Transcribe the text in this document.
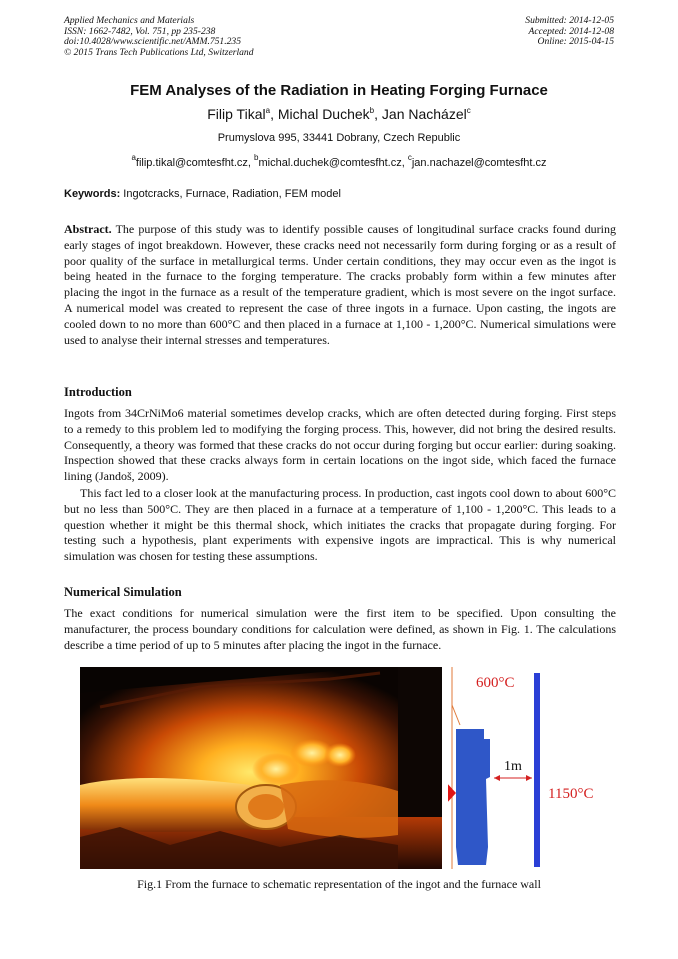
Applied Mechanics and Materials
ISSN: 1662-7482, Vol. 751, pp 235-238
doi:10.4028/www.scientific.net/AMM.751.235
© 2015 Trans Tech Publications Ltd, Switzerland
Submitted: 2014-12-05
Accepted: 2014-12-08
Online: 2015-04-15
FEM Analyses of the Radiation in Heating Forging Furnace
Filip Tikal$^a$, Michal Duchek$^b$, Jan Nacházel$^c$
Prumyslova 995, 33441 Dobrany, Czech Republic
$^a$filip.tikal@comtesfht.cz, $^b$michal.duchek@comtesfht.cz, $^c$jan.nachazel@comtesfht.cz
Keywords: Ingotcracks, Furnace, Radiation, FEM model
Abstract. The purpose of this study was to identify possible causes of longitudinal surface cracks found during early stages of ingot breakdown. However, these cracks need not necessarily form during forging or as a result of poor quality of the surface in metallurgical terms. Under certain conditions, they may occur even as the ingot is being heated in the furnace to the forging temperature. The cracks probably form within a few minutes after placing the ingot in the furnace as a result of the temperature gradient, which is most severe on the ingot surface. A numerical model was created to represent the case of three ingots in a furnace. Upon casting, the ingots are cooled down to no more than 600°C and then placed in a furnace at 1,100 - 1,200°C. Numerical simulations were used to analyse their internal stresses and temperatures.
Introduction
Ingots from 34CrNiMo6 material sometimes develop cracks, which are often detected during forging. First steps to a remedy to this problem led to modifying the forging process. This, however, did not bring the desired results. Consequently, a theory was formed that these cracks do not occur during forging but occur earlier: during soaking. Inspection showed that these cracks always form in certain locations on the ingot side, which faced the furnace lining (Jandoš, 2009).
This fact led to a closer look at the manufacturing process. In production, cast ingots cool down to about 600°C but no less than 500°C. They are then placed in a furnace at a temperature of 1,100 - 1,200°C. This leads to a question whether it might be this thermal shock, which initiates the cracks that propagate during forging. For testing such a hypothesis, plant experiments with expensive ingots are impractical. This is why numerical simulation was chosen for testing these assumptions.
Numerical Simulation
The exact conditions for numerical simulation were the first item to be specified. Upon consulting the manufacturer, the process boundary conditions for calculation were defined, as shown in Fig. 1. The calculations describe a time period of up to 5 minutes after placing the ingot in the furnace.
600°C
1m
1150°C
Fig.1 From the furnace to schematic representation of the ingot and the furnace wall
